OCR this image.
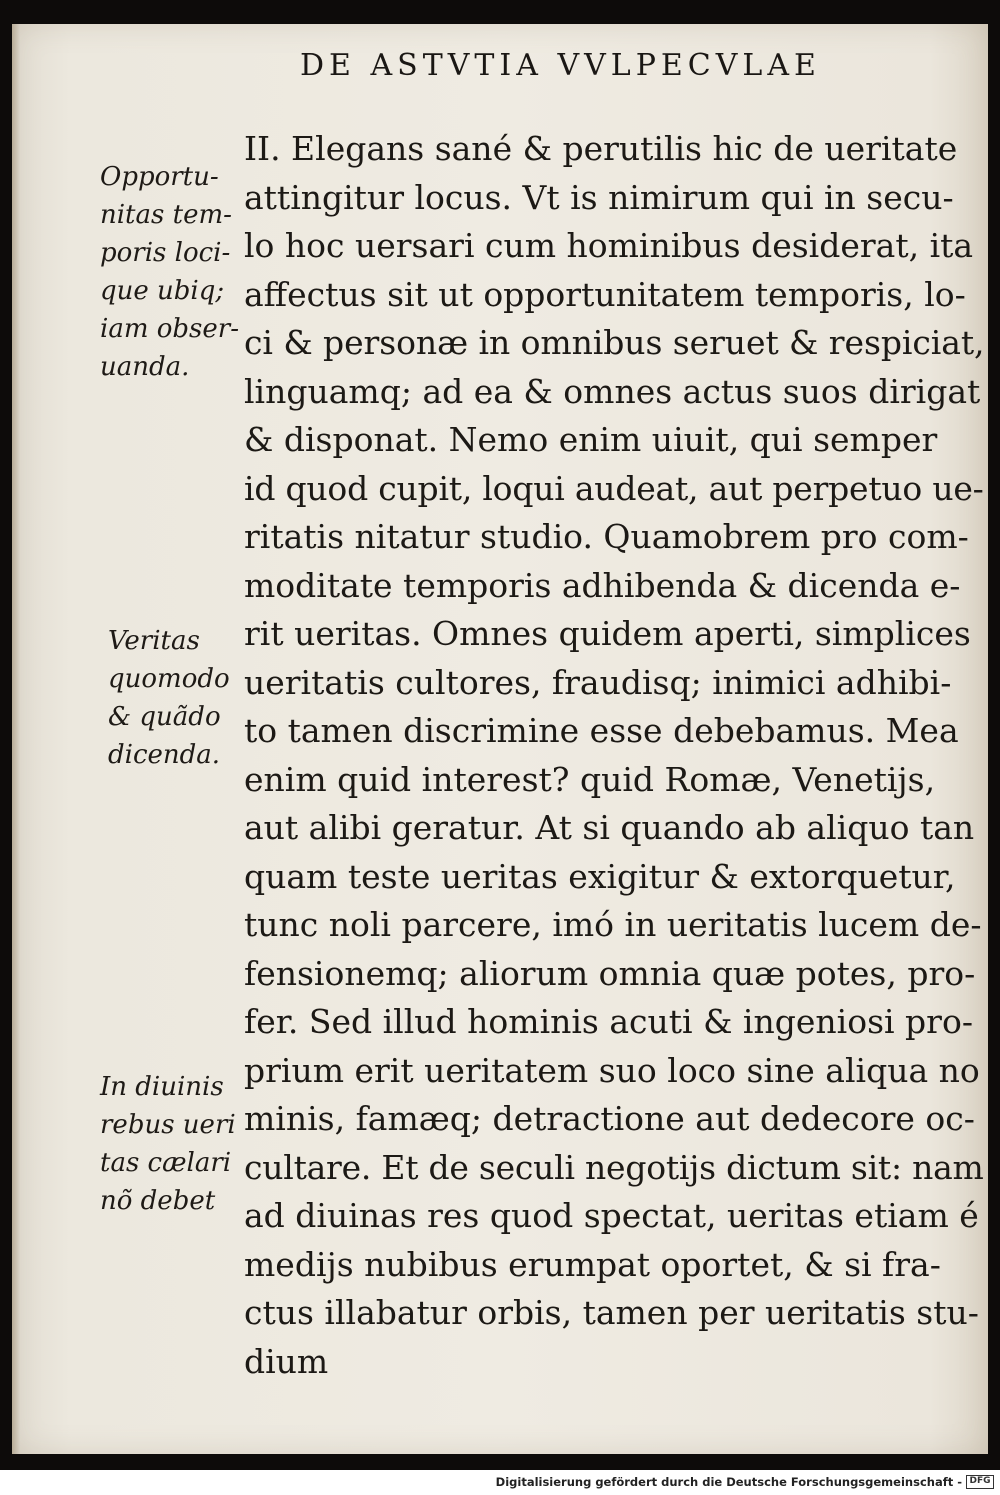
DE ASTVTIA VVLPECVLAE
II. Elegans sané & perutilis hic de ueritate
attingitur locus. Vt is nimirum qui in secu-
lo hoc uersari cum hominibus desiderat, ita
affectus sit ut opportunitatem temporis, lo-
ci & personæ in omnibus seruet & respiciat,
linguamq; ad ea & omnes actus suos dirigat
& disponat. Nemo enim uiuit, qui semper
id quod cupit, loqui audeat, aut perpetuo ue-
ritatis nitatur studio. Quamobrem pro com-
moditate temporis adhibenda & dicenda e-
rit ueritas. Omnes quidem aperti, simplices
ueritatis cultores, fraudisq; inimici adhibi-
to tamen discrimine esse debebamus. Mea
enim quid interest? quid Romæ, Venetijs,
aut alibi geratur. At si quando ab aliquo tan
quam teste ueritas exigitur & extorquetur,
tunc noli parcere, imó in ueritatis lucem de-
fensionemq; aliorum omnia quæ potes, pro-
fer. Sed illud hominis acuti & ingeniosi pro-
prium erit ueritatem suo loco sine aliqua no
minis, famæq; detractione aut dedecore oc-
cultare. Et de seculi negotijs dictum sit: nam
ad diuinas res quod spectat, ueritas etiam é
medijs nubibus erumpat oportet, & si fra-
ctus illabatur orbis, tamen per ueritatis stu-
dium
Opportu-
nitas tem-
poris loci-
que ubiq;
iam obser-
uanda.
Veritas
quomodo
& quãdo
dicenda.
In diuinis
rebus ueri
tas cælari
nõ debet
Digitalisierung gefördert durch die Deutsche Forschungsgemeinschaft - DFG
